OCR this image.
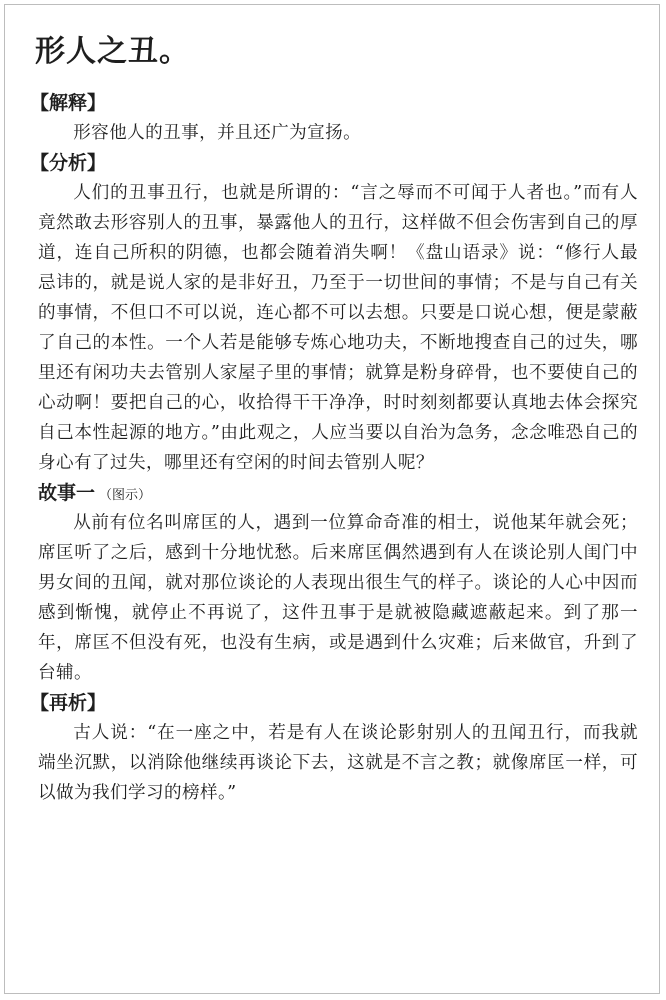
形人之丑。
【解释】

形容他人的丑事，并且还广为宣扬。

【分析】

人们的丑事丑行，也就是所谓的：“言之辱而不可闻于人者也。”而有人竟然敢去形容别人的丑事，暴露他人的丑行，这样做不但会伤害到自己的厚道，连自己所积的阴德，也都会随着消失啊！《盘山语录》说：“修行人最忌讳的，就是说人家的是非好丑，乃至于一切世间的事情；不是与自己有关的事情，不但口不可以说，连心都不可以去想。只要是口说心想，便是蒙蔽了自己的本性。一个人若是能够专炼心地功夫，不断地搜查自己的过失，哪里还有闲功夫去管别人家屋子里的事情；就算是粉身碎骨，也不要使自己的心动啊！要把自己的心，收拾得干干净净，时时刻刻都要认真地去体会探究自己本性起源的地方。”由此观之，人应当要以自治为急务，念念唯恐自己的身心有了过失，哪里还有空闲的时间去管别人呢？

故事一 （图示）

从前有位名叫席匡的人，遇到一位算命奇准的相士，说他某年就会死；席匡听了之后，感到十分地忧愁。后来席匡偶然遇到有人在谈论别人闺门中男女间的丑闻，就对那位谈论的人表现出很生气的样子。谈论的人心中因而感到惭愧，就停止不再说了，这件丑事于是就被隐藏遮蔽起来。到了那一年，席匡不但没有死，也没有生病，或是遇到什么灾难；后来做官，升到了台辅。

【再析】

古人说：“在一座之中，若是有人在谈论影射别人的丑闻丑行，而我就端坐沉默，以消除他继续再谈论下去，这就是不言之教；就像席匡一样，可以做为我们学习的榜样。”
